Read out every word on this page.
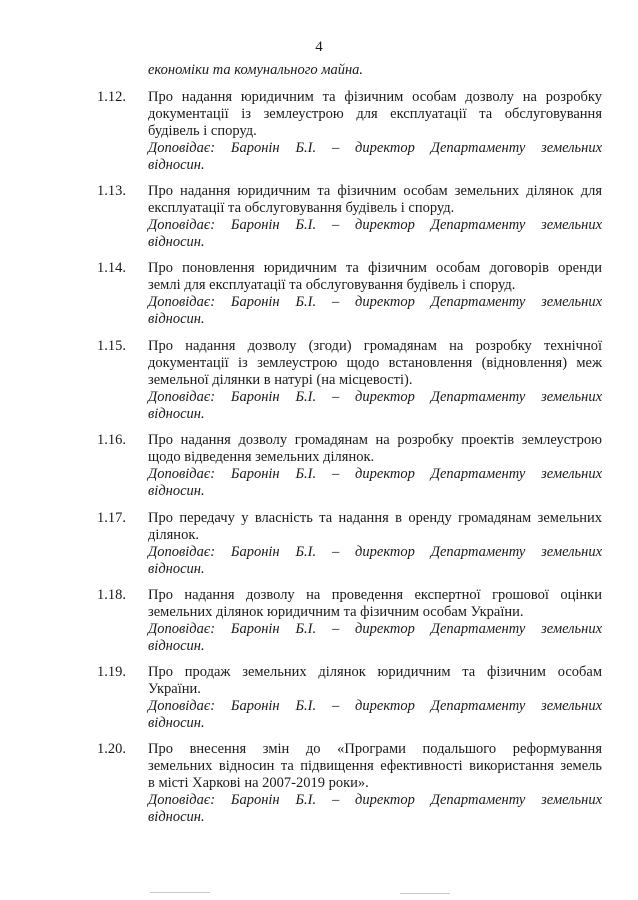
4
економіки та комунального майна.
1.12. Про надання юридичним та фізичним особам дозволу на розробку
документації із землеустрою для експлуатації та обслуговування
будівель і споруд.

Доповідає: Баронін Б.І. – директор Департаменту земельних
відносин.

1.13. Про надання юридичним та фізичним особам земельних ділянок для
експлуатації та обслуговування будівель і споруд.

Доповідає: Баронін Б.І. – директор Департаменту земельних
відносин.

1.14. Про поновлення юридичним та фізичним особам договорів оренди
землі для експлуатації та обслуговування будівель і споруд.

Доповідає: Баронін Б.І. – директор Департаменту земельних
відносин.

1.15. Про надання дозволу (згоди) громадянам на розробку технічної
документації із землеустрою щодо встановлення (відновлення) меж
земельної ділянки в натурі (на місцевості).

Доповідає: Баронін Б.І. – директор Департаменту земельних
відносин.

1.16. Про надання дозволу громадянам на розробку проектів землеустрою
щодо відведення земельних ділянок.

Доповідає: Баронін Б.І. – директор Департаменту земельних
відносин.

1.17. Про передачу у власність та надання в оренду громадянам земельних
ділянок.

Доповідає: Баронін Б.І. – директор Департаменту земельних
відносин.

1.18. Про надання дозволу на проведення експертної грошової оцінки
земельних ділянок юридичним та фізичним особам України.

Доповідає: Баронін Б.І. – директор Департаменту земельних
відносин.

1.19. Про продаж земельних ділянок юридичним та фізичним особам
України.

Доповідає: Баронін Б.І. – директор Департаменту земельних
відносин.

1.20. Про внесення змін до «Програми подальшого реформування
земельних відносин та підвищення ефективності використання земель
в місті Харкові на 2007-2019 роки».

Доповідає: Баронін Б.І. – директор Департаменту земельних
відносин.
